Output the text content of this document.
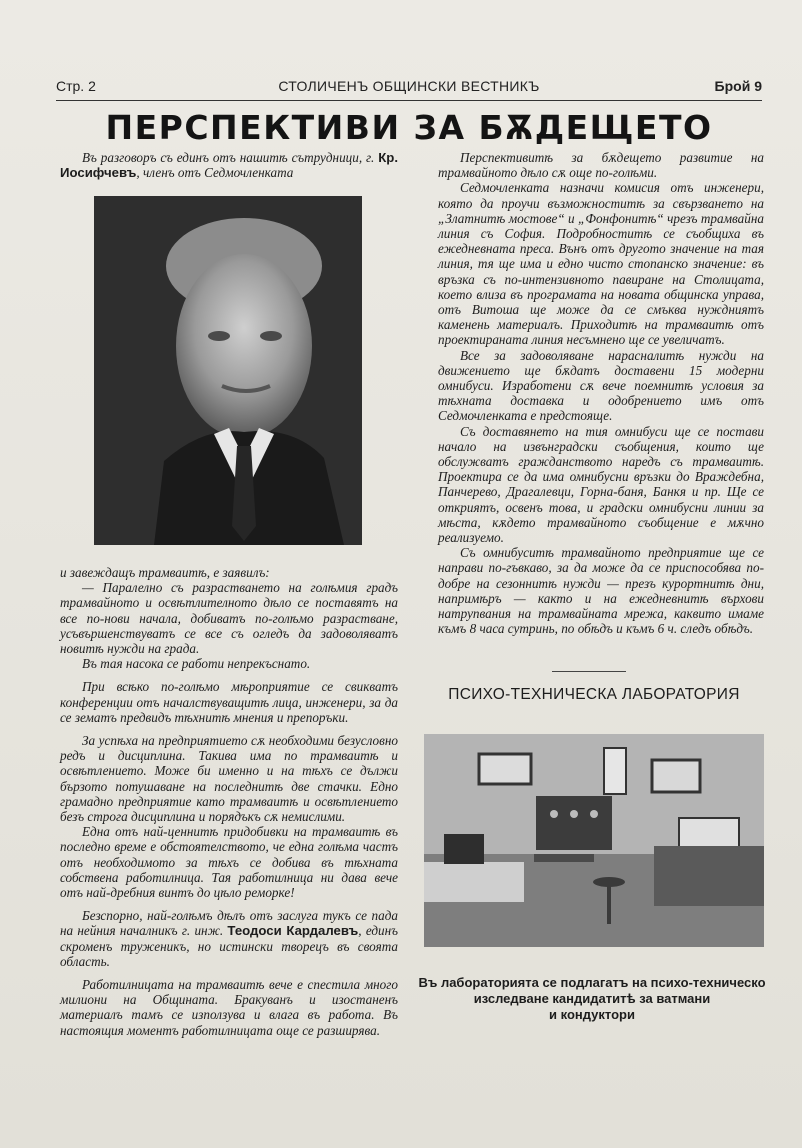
Стр. 2	СТОЛИЧЕНЪ ОБЩИНСКИ ВЕСТНИКЪ	Брой 9
ПЕРСПЕКТИВИ ЗА БѪДЕЩЕТО

Въ разговоръ съ единъ отъ нашитѣ сътрудници, г. Кр. Иосифчевъ, членъ отъ Седмочленката

и завеждащъ трамваитѣ, е заявилъ:

— Паралелно съ разрастването на голѣмия градъ трамвайното и освѣтлителното дѣло се поставятъ на все по-нови начала, добиватъ по-голѣмо разрастване, усъвършенствуватъ се все съ огледъ да задоволяватъ новитѣ нужди на града.

Въ тая насока се работи непрекъснато.

При всѣко по-голѣмо мѣроприятие се свикватъ конференции отъ началствуващитѣ лица, инженери, за да се зематъ предвидъ тѣхнитѣ мнения и препоръки.

За успѣха на предприятието сѫ необходими безусловно редъ и дисциплина. Такива има по трамваитѣ и освѣтлението. Може би именно и на тѣхъ се дължи бързото потушаване на последнитѣ две стачки. Едно грамадно предприятие като трамваитѣ и освѣтлението безъ строга дисциплина и порядъкъ сѫ немислими.

Една отъ най-ценнитѣ придобивки на трамваитѣ въ последно време е обстоятелството, че една голѣма частъ отъ необходимото за тѣхъ се добива въ тѣхната собствена работилница. Тая работилница ни дава вече отъ най-дребния винтъ до цѣло реморке!

Безспорно, най-голѣмъ дѣлъ отъ заслуга тукъ се пада на нейния началникъ г. инж. Теодоси Кардалевъ, единъ скроменъ труженикъ, но истински творецъ въ своята область.

Работилницата на трамваитѣ вече е спестила много милиони на Общината. Бракуванъ и изостаненъ материалъ тамъ се използува и влага въ работа. Въ настоящия моментъ работилницата още се разширява.

Перспективитѣ за бѫдещето развитие на трамвайното дѣло сѫ още по-голѣми.

Седмочленката назначи комисия отъ инженери, която да проучи възможноститѣ за свързването на „Златнитѣ мостове“ и „Фонфонитѣ“ чрезъ трамвайна линия съ София. Подробноститѣ се съобщиха въ ежедневната преса. Вънъ отъ другото значение на тая линия, тя ще има и едно чисто стопанско значение: въ връзка съ по-интензивното павиране на Столицата, което влиза въ програмата на новата общинска управа, отъ Витоша ще може да се смъква нуждниятъ каменень материалъ. Приходитѣ на трамваитѣ отъ проектираната линия несъмнено ще се увеличатъ.

Все за задоволяване нарасналитѣ нужди на движението ще бѫдатъ доставени 15 модерни омнибуси. Изработени сѫ вече поемнитѣ условия за тѣхната доставка и одобрението имъ отъ Седмочленката е предстояще.

Съ доставянето на тия омнибуси ще се постави начало на извънградски съобщения, които ще обслужватъ гражданството наредъ съ трамваитѣ. Проектира се да има омнибусни връзки до Враждебна, Панчерево, Драгалевци, Горна-баня, Банкя и пр. Ще се откриятъ, освенъ това, и градски омнибусни линии за мѣста, кѫдето трамвайното съобщение е мѫчно реализуемо.

Съ омнибуситѣ трамвайното предприятие ще се направи по-гъвкаво, за да може да се приспособява по-добре на сезоннитѣ нужди — презъ курортнитѣ дни, напримѣръ — както и на ежедневнитѣ върхови натрупвания на трамвайната мрежа, каквито имаме къмъ 8 часа сутринь, по обѣдъ и къмъ 6 ч. следъ обѣдъ.

ПСИХО-ТЕХНИЧЕСКА ЛАБОРАТОРИЯ
Въ лабораторията се подлагатъ на психо-техническо
изследване кандидатитѣ за ватмани
и кондуктори
